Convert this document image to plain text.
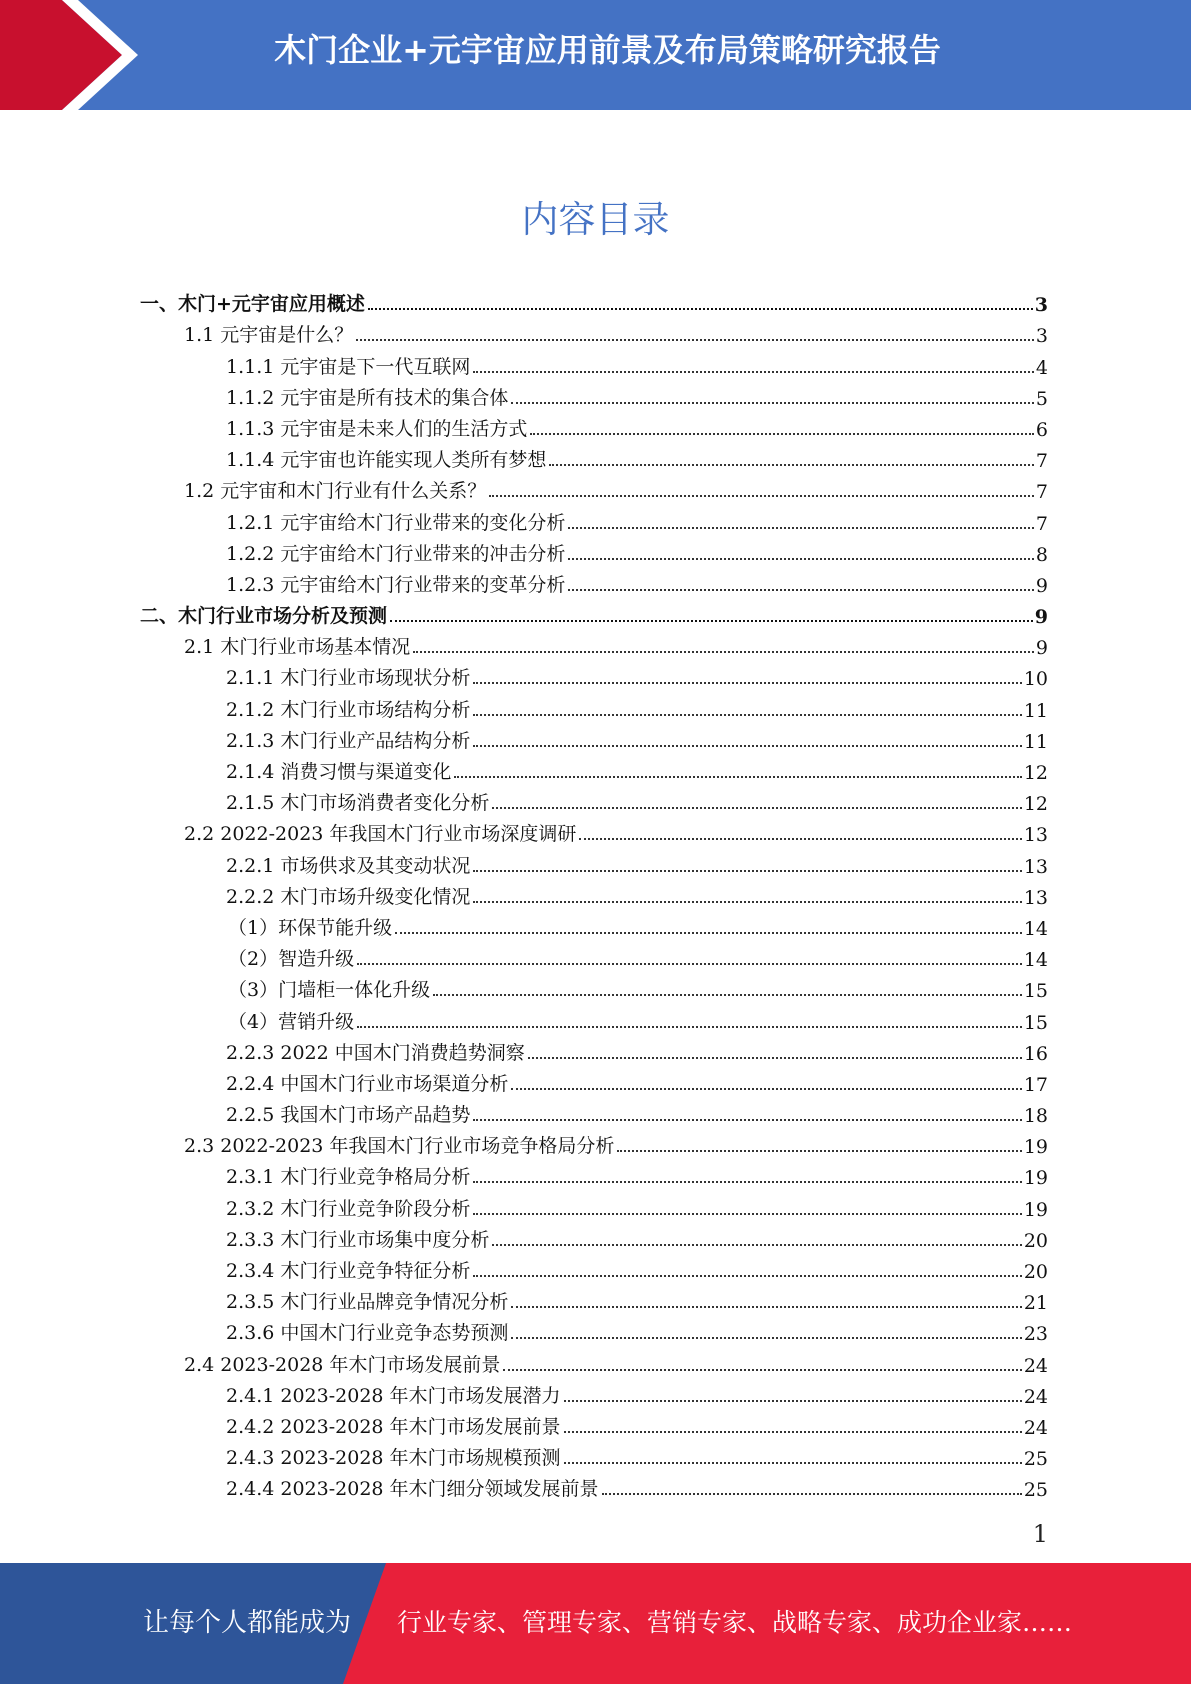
木门企业+元宇宙应用前景及布局策略研究报告
内容目录
一、木门+元宇宙应用概述	3
1.1 元宇宙是什么？	3
1.1.1 元宇宙是下一代互联网	4
1.1.2 元宇宙是所有技术的集合体	5
1.1.3 元宇宙是未来人们的生活方式	6
1.1.4 元宇宙也许能实现人类所有梦想	7
1.2 元宇宙和木门行业有什么关系？	7
1.2.1 元宇宙给木门行业带来的变化分析	7
1.2.2 元宇宙给木门行业带来的冲击分析	8
1.2.3 元宇宙给木门行业带来的变革分析	9
二、木门行业市场分析及预测	9
2.1 木门行业市场基本情况	9
2.1.1 木门行业市场现状分析	10
2.1.2 木门行业市场结构分析	11
2.1.3 木门行业产品结构分析	11
2.1.4 消费习惯与渠道变化	12
2.1.5 木门市场消费者变化分析	12
2.2 2022-2023 年我国木门行业市场深度调研	13
2.2.1 市场供求及其变动状况	13
2.2.2 木门市场升级变化情况	13
（1）环保节能升级	14
（2）智造升级	14
（3）门墙柜一体化升级	15
（4）营销升级	15
2.2.3 2022 中国木门消费趋势洞察	16
2.2.4 中国木门行业市场渠道分析	17
2.2.5 我国木门市场产品趋势	18
2.3 2022-2023 年我国木门行业市场竞争格局分析	19
2.3.1 木门行业竞争格局分析	19
2.3.2 木门行业竞争阶段分析	19
2.3.3 木门行业市场集中度分析	20
2.3.4 木门行业竞争特征分析	20
2.3.5 木门行业品牌竞争情况分析	21
2.3.6 中国木门行业竞争态势预测	23
2.4 2023-2028 年木门市场发展前景	24
2.4.1 2023-2028 年木门市场发展潜力	24
2.4.2 2023-2028 年木门市场发展前景	24
2.4.3 2023-2028 年木门市场规模预测	25
2.4.4 2023-2028 年木门细分领域发展前景	25
1
让每个人都能成为 行业专家、管理专家、营销专家、战略专家、成功企业家……
